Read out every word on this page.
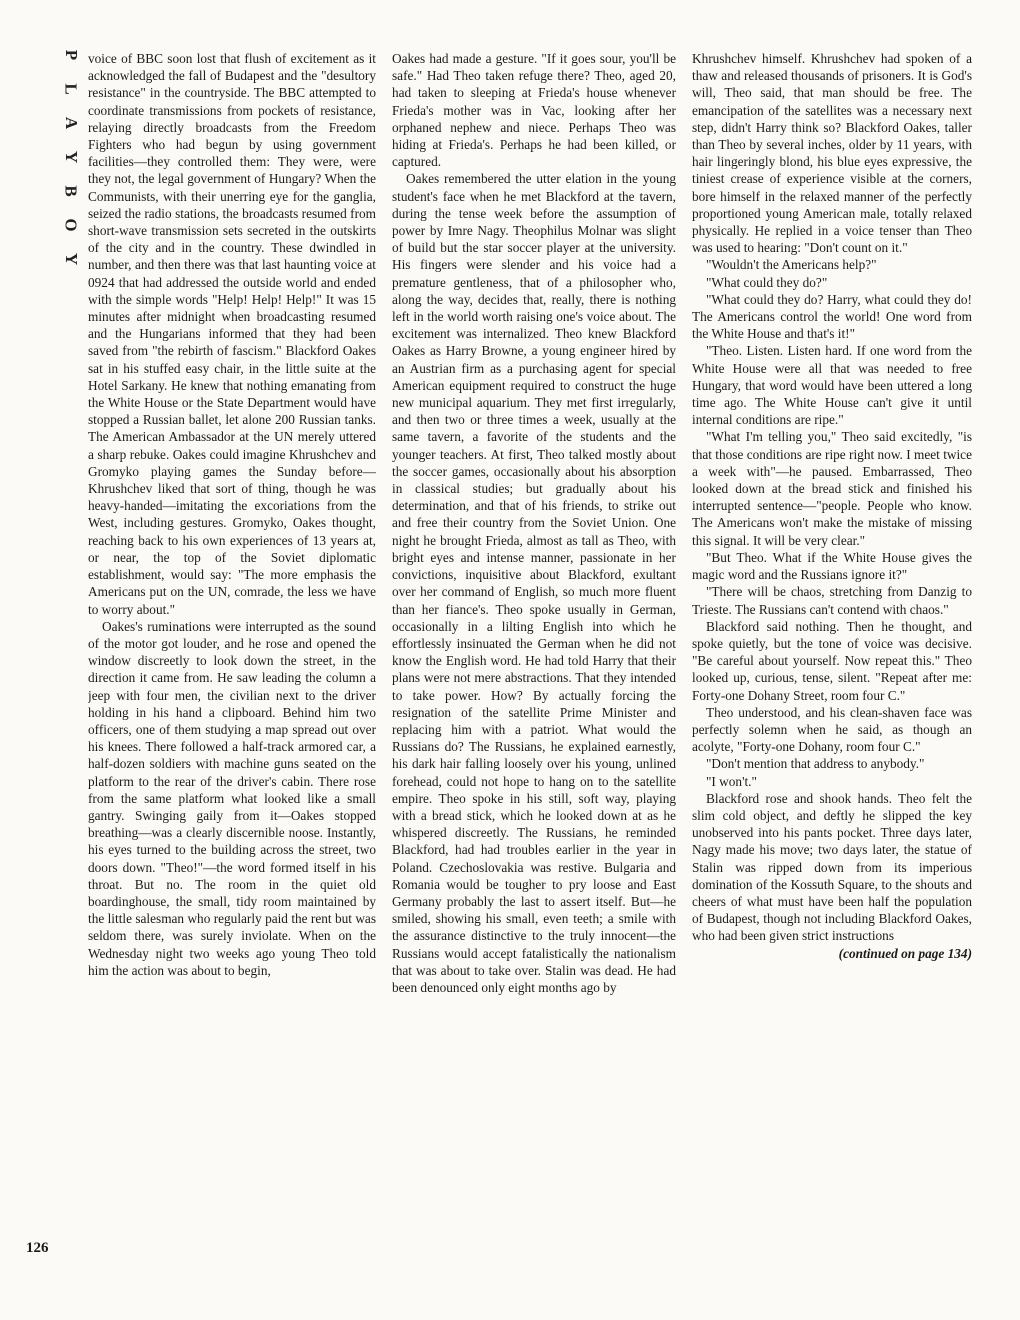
P
L
A
Y
B
O
Y
126

voice of BBC soon lost that flush of excitement as it acknowledged the fall of Budapest and the "desultory resistance" in the countryside. The BBC attempted to coordinate transmissions from pockets of resistance, relaying directly broadcasts from the Freedom Fighters who had begun by using government facilities—they controlled them: They were, were they not, the legal government of Hungary? When the Communists, with their unerring eye for the ganglia, seized the radio stations, the broadcasts resumed from short-wave transmission sets secreted in the outskirts of the city and in the country. These dwindled in number, and then there was that last haunting voice at 0924 that had addressed the outside world and ended with the simple words "Help! Help! Help!" It was 15 minutes after midnight when broadcasting resumed and the Hungarians informed that they had been saved from "the rebirth of fascism." Blackford Oakes sat in his stuffed easy chair, in the little suite at the Hotel Sarkany. He knew that nothing emanating from the White House or the State Department would have stopped a Russian ballet, let alone 200 Russian tanks. The American Ambassador at the UN merely uttered a sharp rebuke. Oakes could imagine Khrushchev and Gromyko playing games the Sunday before—Khrushchev liked that sort of thing, though he was heavy-handed—imitating the excoriations from the West, including gestures. Gromyko, Oakes thought, reaching back to his own experiences of 13 years at, or near, the top of the Soviet diplomatic establishment, would say: "The more emphasis the Americans put on the UN, comrade, the less we have to worry about."

Oakes's ruminations were interrupted as the sound of the motor got louder, and he rose and opened the window discreetly to look down the street, in the direction it came from. He saw leading the column a jeep with four men, the civilian next to the driver holding in his hand a clipboard. Behind him two officers, one of them studying a map spread out over his knees. There followed a half-track armored car, a half-dozen soldiers with machine guns seated on the platform to the rear of the driver's cabin. There rose from the same platform what looked like a small gantry. Swinging gaily from it—Oakes stopped breathing—was a clearly discernible noose. Instantly, his eyes turned to the building across the street, two doors down. "Theo!"—the word formed itself in his throat. But no. The room in the quiet old boardinghouse, the small, tidy room maintained by the little salesman who regularly paid the rent but was seldom there, was surely inviolate. When on the Wednesday night two weeks ago young Theo told him the action was about to begin,

Oakes had made a gesture. "If it goes sour, you'll be safe." Had Theo taken refuge there? Theo, aged 20, had taken to sleeping at Frieda's house whenever Frieda's mother was in Vac, looking after her orphaned nephew and niece. Perhaps Theo was hiding at Frieda's. Perhaps he had been killed, or captured.

Oakes remembered the utter elation in the young student's face when he met Blackford at the tavern, during the tense week before the assumption of power by Imre Nagy. Theophilus Molnar was slight of build but the star soccer player at the university. His fingers were slender and his voice had a premature gentleness, that of a philosopher who, along the way, decides that, really, there is nothing left in the world worth raising one's voice about. The excitement was internalized. Theo knew Blackford Oakes as Harry Browne, a young engineer hired by an Austrian firm as a purchasing agent for special American equipment required to construct the huge new municipal aquarium. They met first irregularly, and then two or three times a week, usually at the same tavern, a favorite of the students and the younger teachers. At first, Theo talked mostly about the soccer games, occasionally about his absorption in classical studies; but gradually about his determination, and that of his friends, to strike out and free their country from the Soviet Union. One night he brought Frieda, almost as tall as Theo, with bright eyes and intense manner, passionate in her convictions, inquisitive about Blackford, exultant over her command of English, so much more fluent than her fiance's. Theo spoke usually in German, occasionally in a lilting English into which he effortlessly insinuated the German when he did not know the English word. He had told Harry that their plans were not mere abstractions. That they intended to take power. How? By actually forcing the resignation of the satellite Prime Minister and replacing him with a patriot. What would the Russians do? The Russians, he explained earnestly, his dark hair falling loosely over his young, unlined forehead, could not hope to hang on to the satellite empire. Theo spoke in his still, soft way, playing with a bread stick, which he looked down at as he whispered discreetly. The Russians, he reminded Blackford, had had troubles earlier in the year in Poland. Czechoslovakia was restive. Bulgaria and Romania would be tougher to pry loose and East Germany probably the last to assert itself. But—he smiled, showing his small, even teeth; a smile with the assurance distinctive to the truly innocent—the Russians would accept fatalistically the nationalism that was about to take over. Stalin was dead. He had been denounced only eight months ago by

Khrushchev himself. Khrushchev had spoken of a thaw and released thousands of prisoners. It is God's will, Theo said, that man should be free. The emancipation of the satellites was a necessary next step, didn't Harry think so? Blackford Oakes, taller than Theo by several inches, older by 11 years, with hair lingeringly blond, his blue eyes expressive, the tiniest crease of experience visible at the corners, bore himself in the relaxed manner of the perfectly proportioned young American male, totally relaxed physically. He replied in a voice tenser than Theo was used to hearing: "Don't count on it."

"Wouldn't the Americans help?"

"What could they do?"

"What could they do? Harry, what could they do! The Americans control the world! One word from the White House and that's it!"

"Theo. Listen. Listen hard. If one word from the White House were all that was needed to free Hungary, that word would have been uttered a long time ago. The White House can't give it until internal conditions are ripe."

"What I'm telling you," Theo said excitedly, "is that those conditions are ripe right now. I meet twice a week with"—he paused. Embarrassed, Theo looked down at the bread stick and finished his interrupted sentence—"people. People who know. The Americans won't make the mistake of missing this signal. It will be very clear."

"But Theo. What if the White House gives the magic word and the Russians ignore it?"

"There will be chaos, stretching from Danzig to Trieste. The Russians can't contend with chaos."

Blackford said nothing. Then he thought, and spoke quietly, but the tone of voice was decisive. "Be careful about yourself. Now repeat this." Theo looked up, curious, tense, silent. "Repeat after me: Forty-one Dohany Street, room four C."

Theo understood, and his clean-shaven face was perfectly solemn when he said, as though an acolyte, "Forty-one Dohany, room four C."

"Don't mention that address to anybody."

"I won't."

Blackford rose and shook hands. Theo felt the slim cold object, and deftly he slipped the key unobserved into his pants pocket. Three days later, Nagy made his move; two days later, the statue of Stalin was ripped down from its imperious domination of the Kossuth Square, to the shouts and cheers of what must have been half the population of Budapest, though not including Blackford Oakes, who had been given strict instructions

(continued on page 134)
